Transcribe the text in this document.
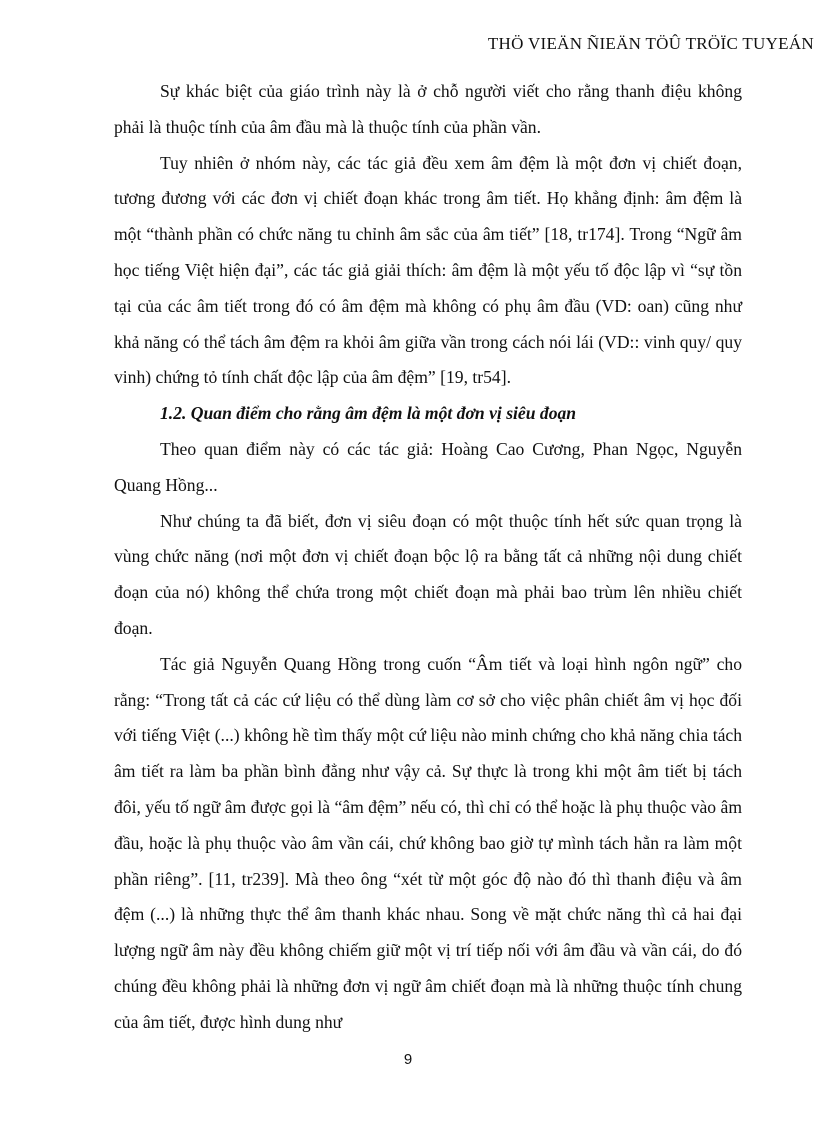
THÖ VIEÄN ÑIEÄN TÖÛ TRÖÏC TUYEÁN

Sự khác biệt của giáo trình này là ở chỗ người viết cho rằng thanh điệu không phải là thuộc tính của âm đầu mà là thuộc tính của phần vần.

Tuy nhiên ở nhóm này, các tác giả đều xem âm đệm là một đơn vị chiết đoạn, tương đương với các đơn vị chiết đoạn khác trong âm tiết. Họ khẳng định: âm đệm là một “thành phần có chức năng tu chỉnh âm sắc của âm tiết” [18, tr174]. Trong “Ngữ âm học tiếng Việt hiện đại”, các tác giả giải thích: âm đệm là một yếu tố độc lập vì “sự tồn tại của các âm tiết trong đó có âm đệm mà không có phụ âm đầu (VD: oan) cũng như khả năng có thể tách âm đệm ra khỏi âm giữa vần trong cách nói lái (VD:: vinh quy/ quy vinh) chứng tỏ tính chất độc lập của âm đệm” [19, tr54].

1.2. Quan điểm cho rằng âm đệm là một đơn vị siêu đoạn

Theo quan điểm này có các tác giả: Hoàng Cao Cương, Phan Ngọc, Nguyễn Quang Hồng...

Như chúng ta đã biết, đơn vị siêu đoạn có một thuộc tính hết sức quan trọng là vùng chức năng (nơi một đơn vị chiết đoạn bộc lộ ra bằng tất cả những nội dung chiết đoạn của nó) không thể chứa trong một chiết đoạn mà phải bao trùm lên nhiều chiết đoạn.

Tác giả Nguyễn Quang Hồng trong cuốn “Âm tiết và loại hình ngôn ngữ” cho rằng: “Trong tất cả các cứ liệu có thể dùng làm cơ sở cho việc phân chiết âm vị học đối với tiếng Việt (...) không hề tìm thấy một cứ liệu nào minh chứng cho khả năng chia tách âm tiết ra làm ba phần bình đẳng như vậy cả. Sự thực là trong khi một âm tiết bị tách đôi, yếu tố ngữ âm được gọi là “âm đệm” nếu có, thì chỉ có thể hoặc là phụ thuộc vào âm đầu, hoặc là phụ thuộc vào âm vần cái, chứ không bao giờ tự mình tách hẳn ra làm một phần riêng”. [11, tr239]. Mà theo ông “xét từ một góc độ nào đó thì thanh điệu và âm đệm (...) là những thực thể âm thanh khác nhau. Song về mặt chức năng thì cả hai đại lượng ngữ âm này đều không chiếm giữ một vị trí tiếp nối với âm đầu và vần cái, do đó chúng đều không phải là những đơn vị ngữ âm chiết đoạn mà là những thuộc tính chung của âm tiết, được hình dung như

9
